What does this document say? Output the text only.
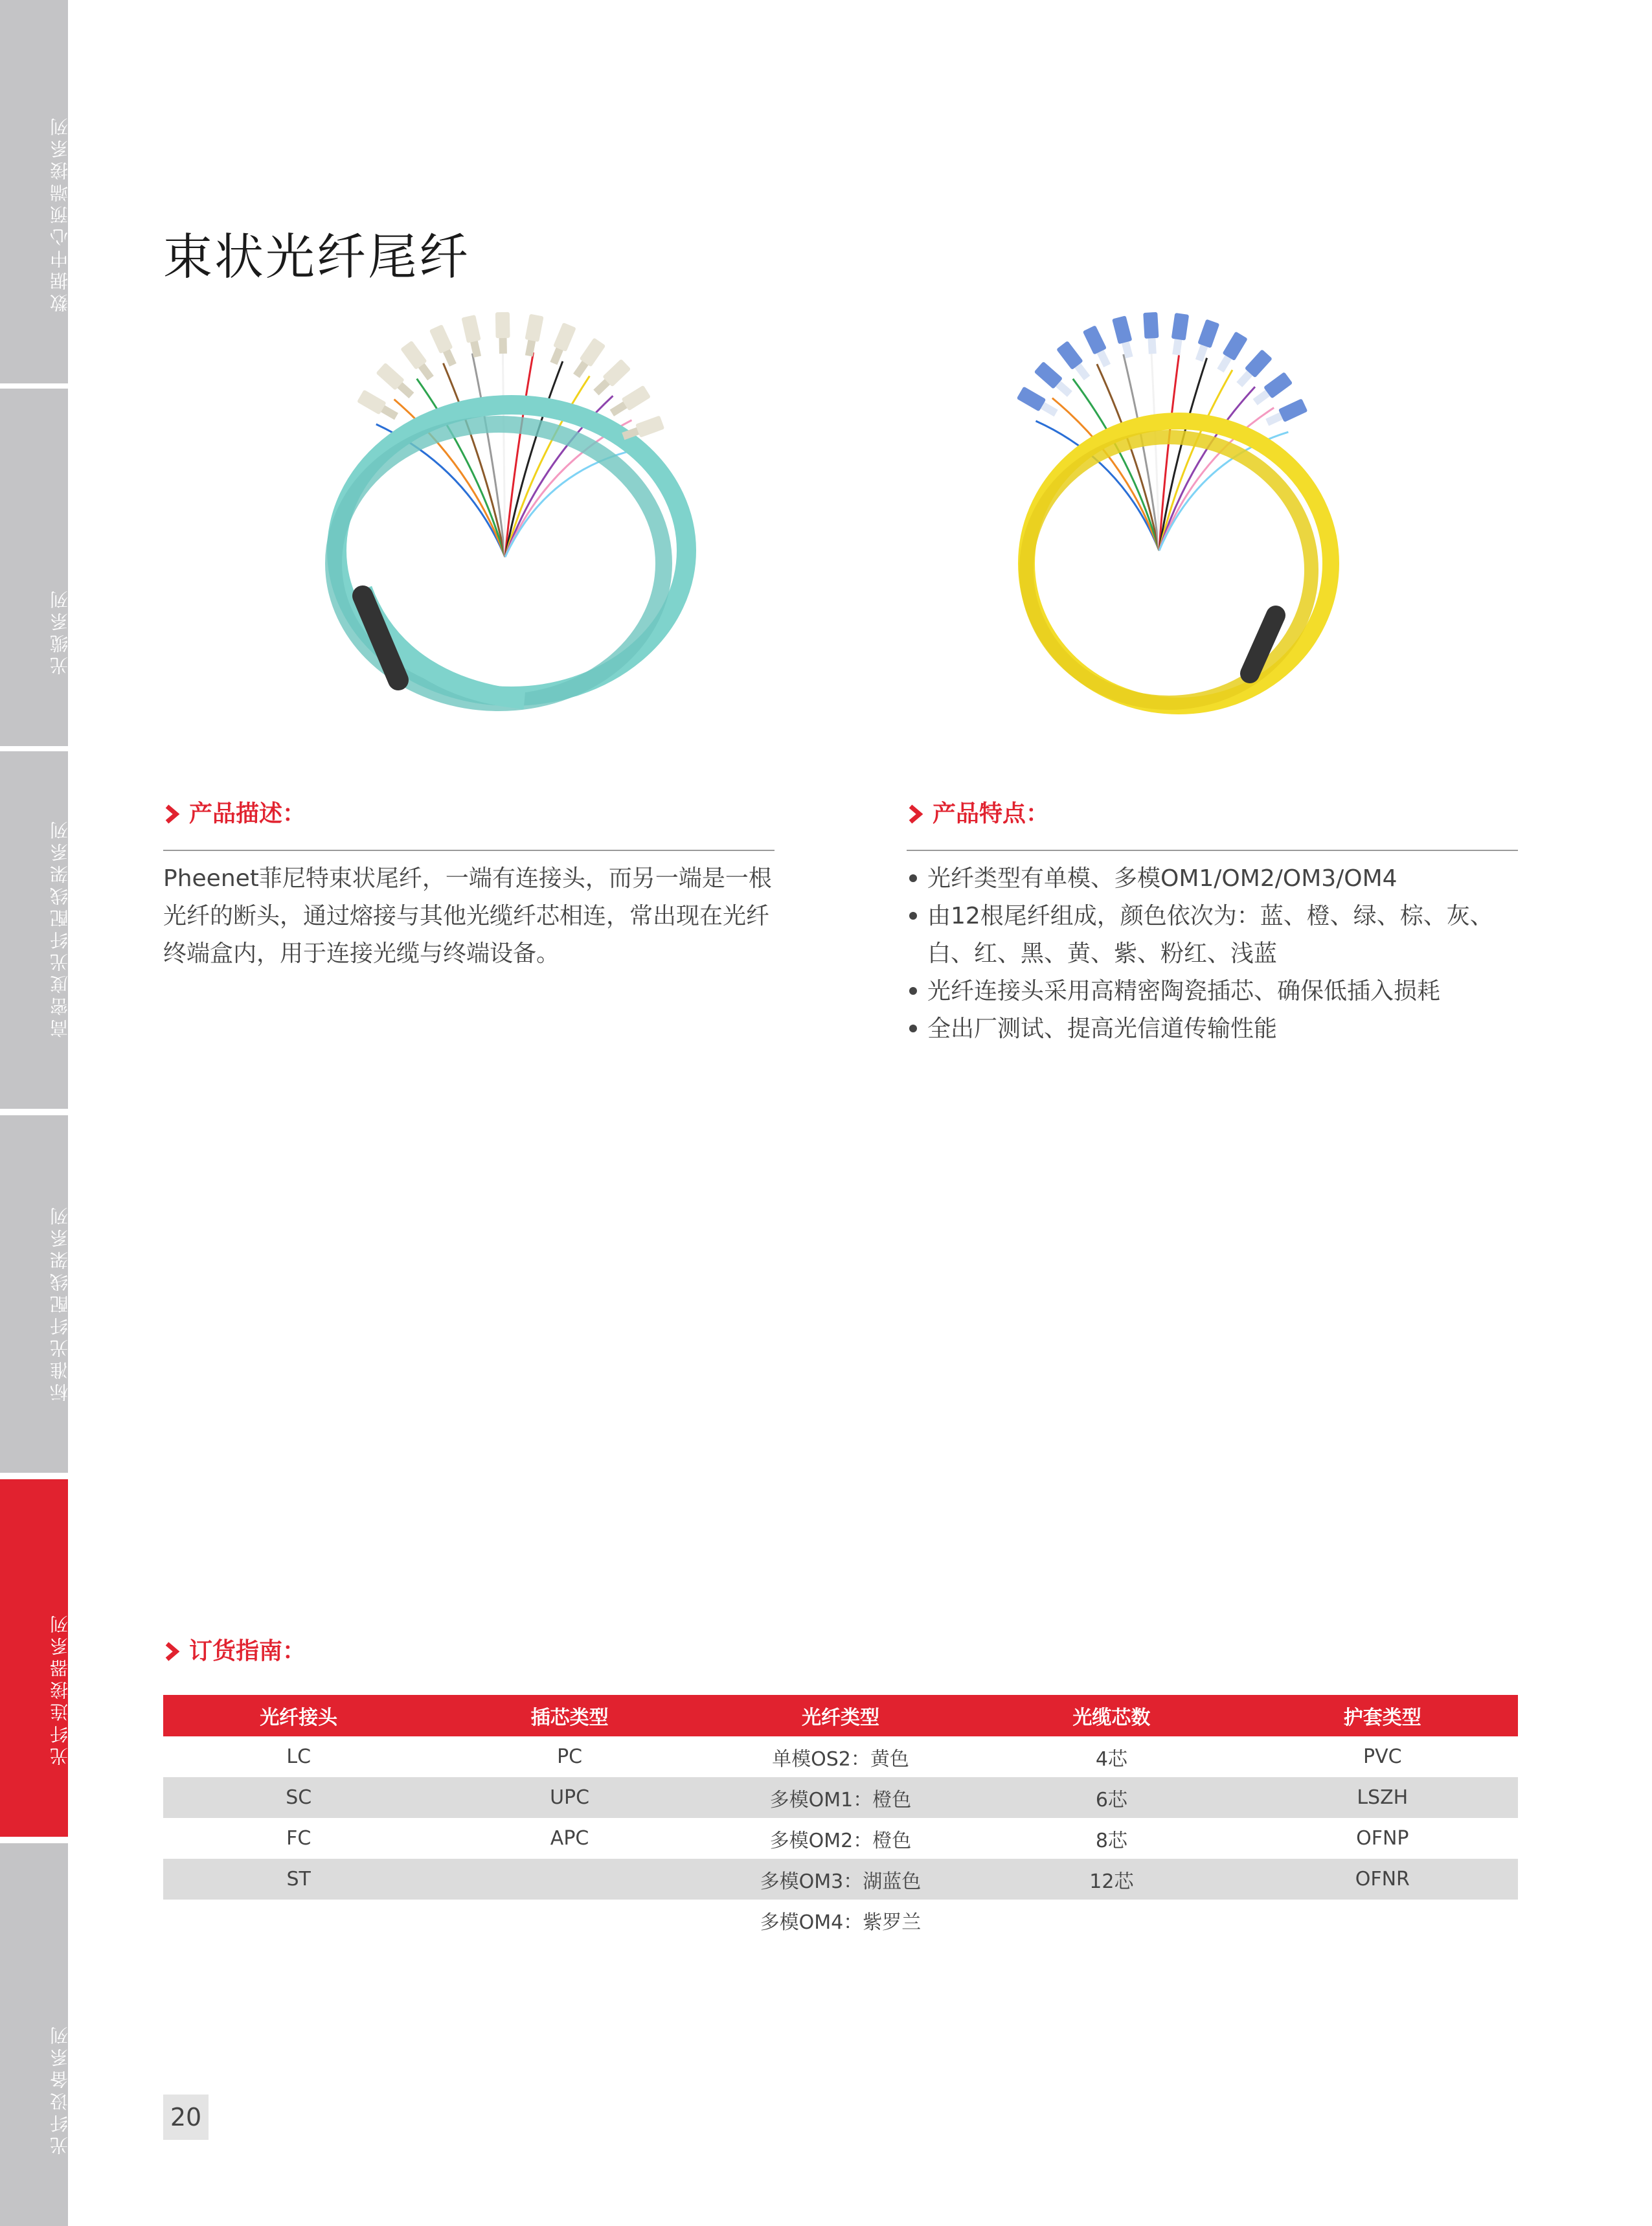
数据中心预端接系列
光缆系列
高密度光纤配线架系列
标准光纤配线架系列
光纤连接器系列
光纤设备系列
束状光纤尾纤
产品描述：
Pheenet菲尼特束状尾纤，一端有连接头，而另一端是一根光纤的断头，通过熔接与其他光缆纤芯相连，常出现在光纤终端盒内，用于连接光缆与终端设备。
产品特点：
光纤类型有单模、多模OM1/OM2/OM3/OM4
由12根尾纤组成，颜色依次为：蓝、橙、绿、棕、灰、白、红、黑、黄、紫、粉红、浅蓝
光纤连接头采用高精密陶瓷插芯、确保低插入损耗
全出厂测试、提高光信道传输性能
订货指南：
光纤接头	插芯类型	光纤类型	光缆芯数	护套类型
LC	PC	单模OS2：黄色	4芯	PVC
SC	UPC	多模OM1：橙色	6芯	LSZH
FC	APC	多模OM2：橙色	8芯	OFNP
ST		多模OM3：湖蓝色	12芯	OFNR
		多模OM4：紫罗兰		
20
